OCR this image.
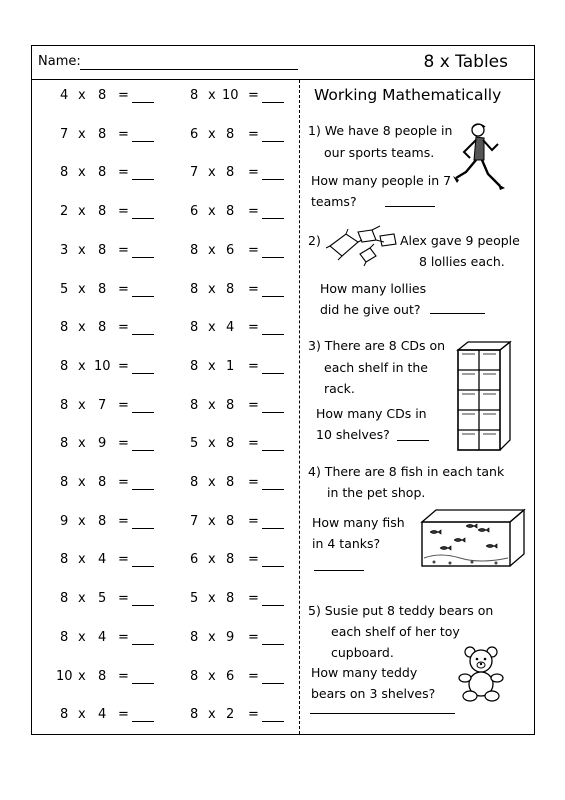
Name:	8 x Tables
4 x 8 =	8 x 10 =
7 x 8 =	6 x 8 =
8 x 8 =	7 x 8 =
2 x 8 =	6 x 8 =
3 x 8 =	8 x 6 =
5 x 8 =	8 x 8 =
8 x 8 =	8 x 4 =
8 x 10 =	8 x 1 =
8 x 7 =	8 x 8 =
8 x 9 =	5 x 8 =
8 x 8 =	8 x 8 =
9 x 8 =	7 x 8 =
8 x 4 =	6 x 8 =
8 x 5 =	5 x 8 =
8 x 4 =	8 x 9 =
10 x 8 =	8 x 6 =
8 x 4 =	8 x 2 =
Working Mathematically
1) We have 8 people in
our sports teams.
How many people in 7
teams?
2)	Alex gave 9 people
8 lollies each.
How many lollies
did he give out?
3) There are 8 CDs on
each shelf in the
rack.
How many CDs in
10 shelves?
4) There are 8 fish in each tank
in the pet shop.
How many fish
in 4 tanks?
5) Susie put 8 teddy bears on
each shelf of her toy
cupboard.
How many teddy
bears on 3 shelves?
